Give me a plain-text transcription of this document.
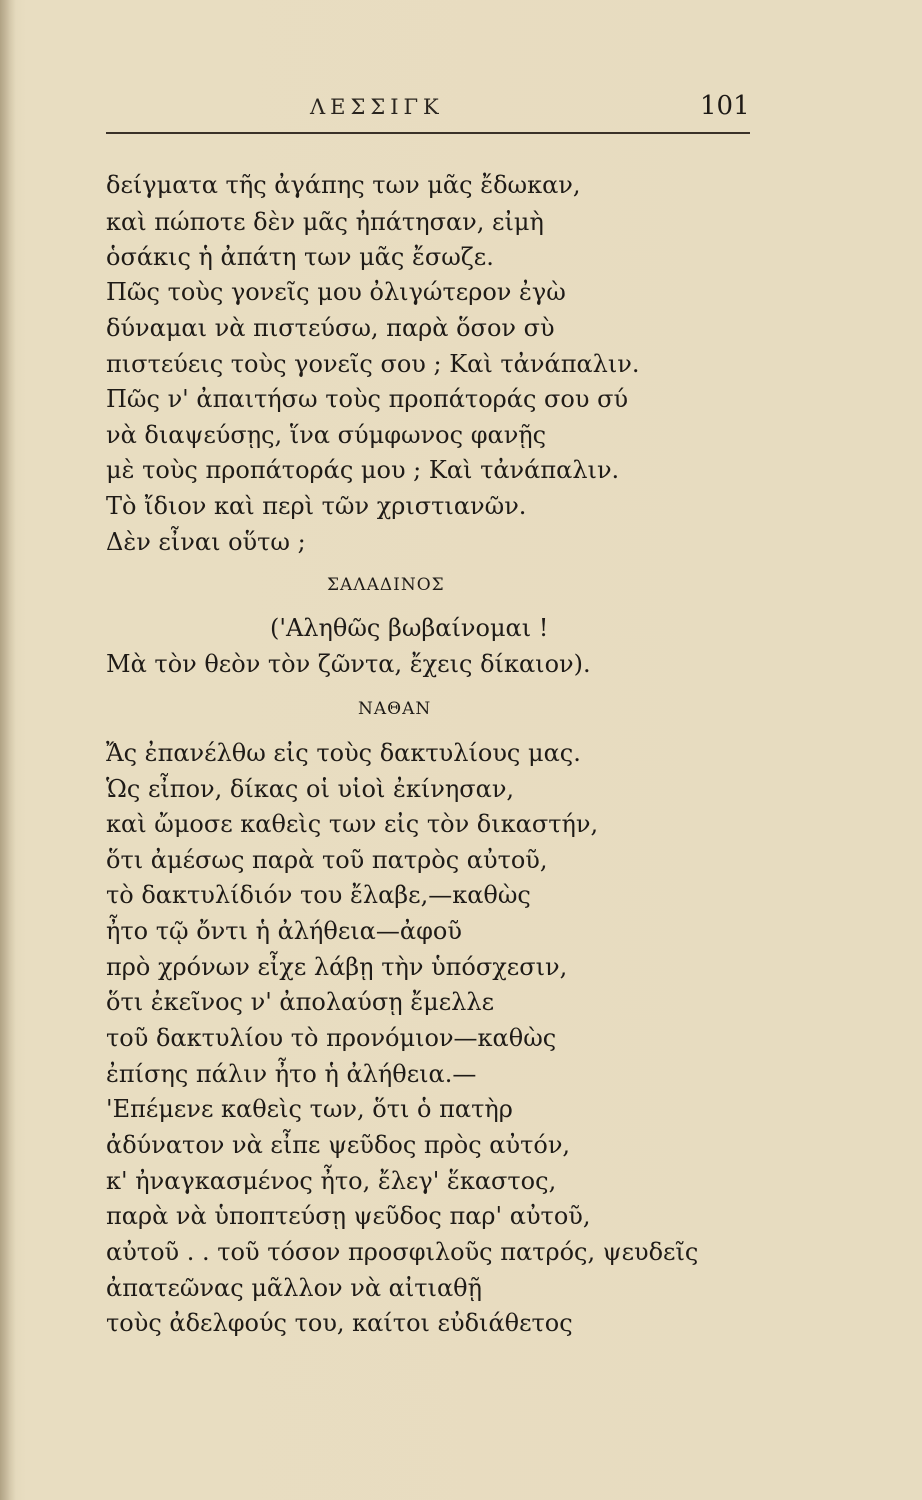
ΛΕΣΣΙΓΚ	101
δείγματα τῆς ἀγάπης των μᾶς ἔδωκαν,
καὶ πώποτε δὲν μᾶς ἠπάτησαν, εἰμὴ
ὁσάκις ἡ ἀπάτη των μᾶς ἔσωζε.
Πῶς τοὺς γονεῖς μου ὀλιγώτερον ἐγὼ
δύναμαι νὰ πιστεύσω, παρὰ ὅσον σὺ
πιστεύεις τοὺς γονεῖς σου ; Καὶ τἀνάπαλιν.
Πῶς ν' ἀπαιτήσω τοὺς προπάτοράς σου σύ
νὰ διαψεύσῃς, ἵνα σύμφωνος φανῇς
μὲ τοὺς προπάτοράς μου ; Καὶ τἀνάπαλιν.
Τὸ ἴδιον καὶ περὶ τῶν χριστιανῶν.
Δὲν εἶναι οὕτω ;
ΣΑΛΑΔΙΝΟΣ
('Αληθῶς βωβαίνομαι !
Μὰ τὸν θεὸν τὸν ζῶντα, ἔχεις δίκαιον).
ΝΑΘΑΝ
Ἄς ἐπανέλθω εἰς τοὺς δακτυλίους μας.
Ὡς εἶπον, δίκας οἱ υἱοὶ ἐκίνησαν,
καὶ ὤμοσε καθεὶς των εἰς τὸν δικαστήν,
ὅτι ἀμέσως παρὰ τοῦ πατρὸς αὐτοῦ,
τὸ δακτυλίδιόν του ἔλαβε,—καθὼς
ἦτο τῷ ὄντι ἡ ἀλήθεια—ἀφοῦ
πρὸ χρόνων εἶχε λάβῃ τὴν ὑπόσχεσιν,
ὅτι ἐκεῖνος ν' ἀπολαύσῃ ἔμελλε
τοῦ δακτυλίου τὸ προνόμιον—καθὼς
ἐπίσης πάλιν ἦτο ἡ ἀλήθεια.—
'Επέμενε καθεὶς των, ὅτι ὁ πατὴρ
ἀδύνατον νὰ εἶπε ψεῦδος πρὸς αὐτόν,
κ' ἠναγκασμένος ἦτο, ἔλεγ' ἕκαστος,
παρὰ νὰ ὑποπτεύσῃ ψεῦδος παρ' αὐτοῦ,
αὐτοῦ . . τοῦ τόσον προσφιλοῦς πατρός, ψευδεῖς
ἀπατεῶνας μᾶλλον νὰ αἰτιαθῇ
τοὺς ἀδελφούς του, καίτοι εὐδιάθετος
